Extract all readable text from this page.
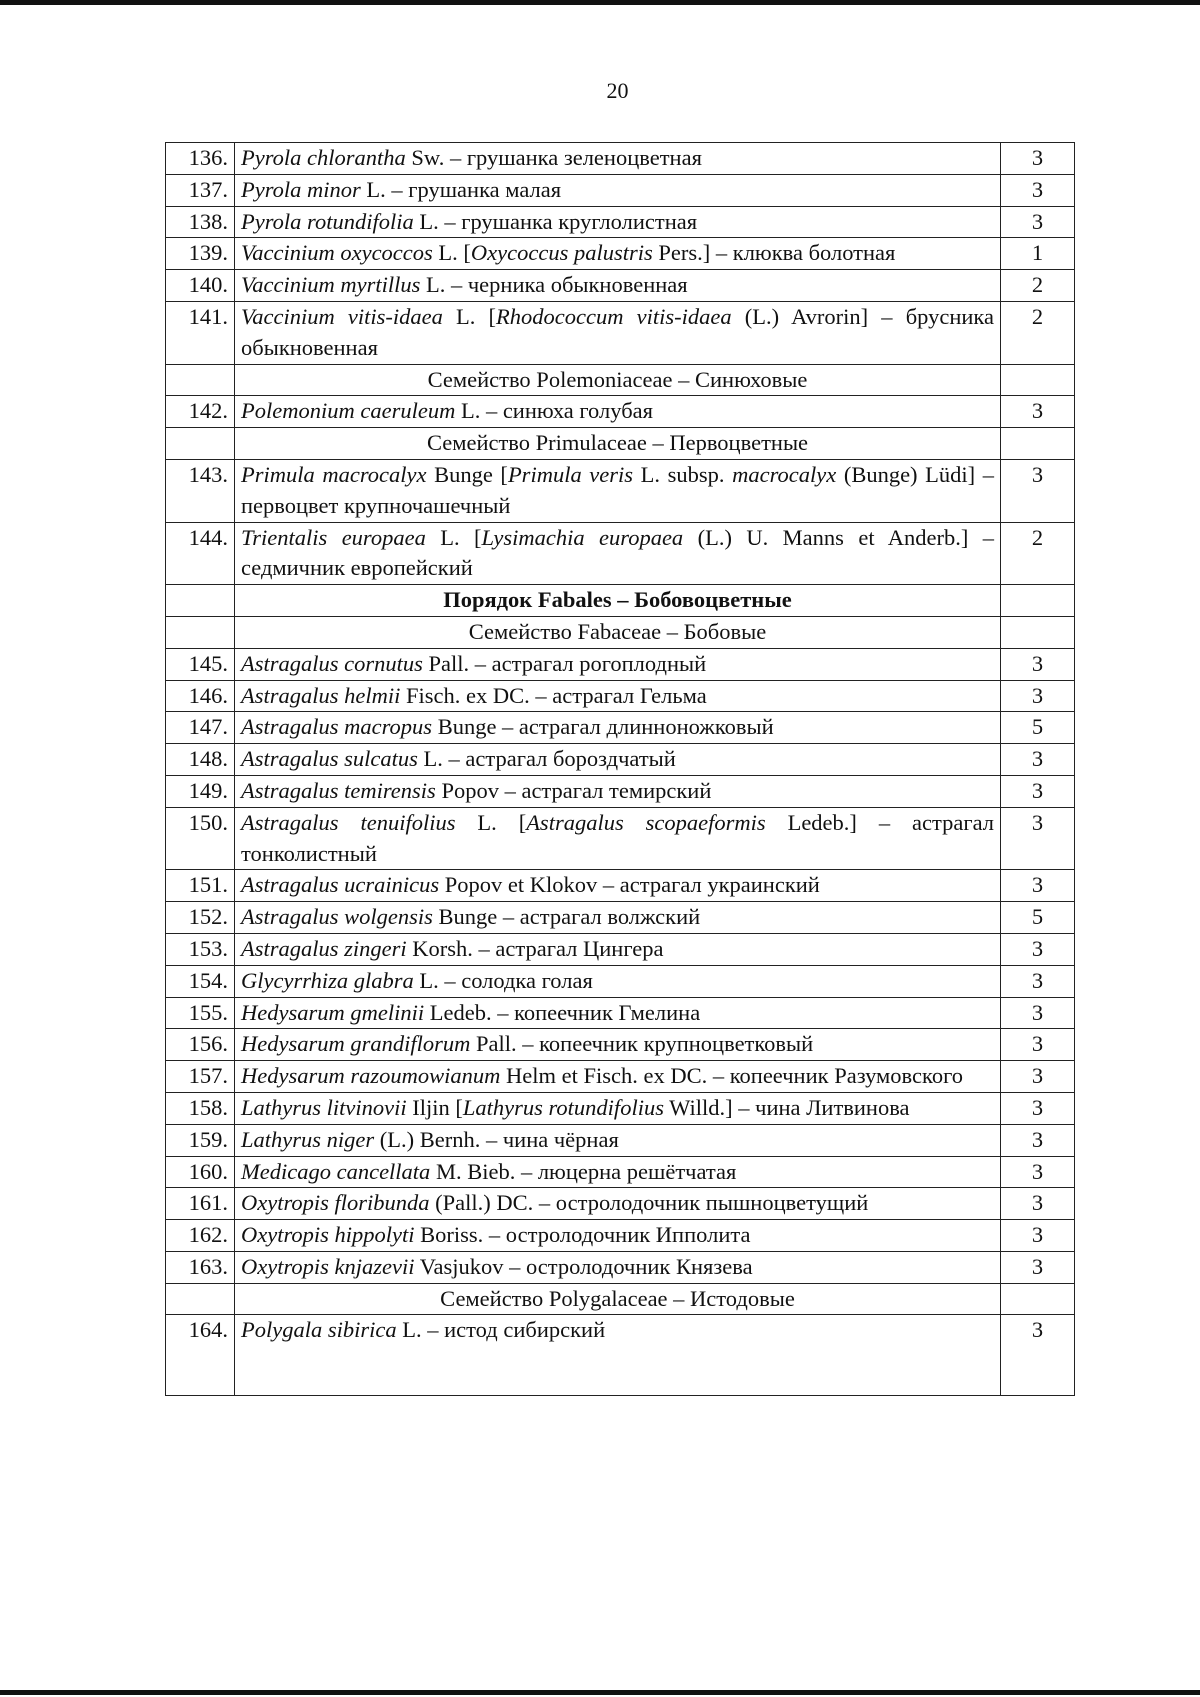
20
136.	Pyrola chlorantha Sw. – грушанка зеленоцветная	3
137.	Pyrola minor L. – грушанка малая	3
138.	Pyrola rotundifolia L. – грушанка круглолистная	3
139.	Vaccinium oxycoccos L. [Oxycoccus palustris Pers.] – клюква болотная	1
140.	Vaccinium myrtillus L. – черника обыкновенная	2
141.	Vaccinium vitis-idaea L. [Rhodococcum vitis-idaea (L.) Avrorin] – брусника обыкновенная	2
	Семейство Polemoniaceae – Синюховые	
142.	Polemonium caeruleum L. – синюха голубая	3
	Семейство Primulaceae – Первоцветные	
143.	Primula macrocalyx Bunge [Primula veris L. subsp. macrocalyx (Bunge) Lüdi] – первоцвет крупночашечный	3
144.	Trientalis europaea L. [Lysimachia europaea (L.) U. Manns et Anderb.] – седмичник европейский	2
	Порядок Fabales – Бобовоцветные	
	Семейство Fabaceae – Бобовые	
145.	Astragalus cornutus Pall. – астрагал рогоплодный	3
146.	Astragalus helmii Fisch. ex DC. – астрагал Гельма	3
147.	Astragalus macropus Bunge – астрагал длинноножковый	5
148.	Astragalus sulcatus L. – астрагал бороздчатый	3
149.	Astragalus temirensis Popov – астрагал темирский	3
150.	Astragalus tenuifolius L. [Astragalus scopaeformis Ledeb.] – астрагал тонколистный	3
151.	Astragalus ucrainicus Popov et Klokov – астрагал украинский	3
152.	Astragalus wolgensis Bunge – астрагал волжский	5
153.	Astragalus zingeri Korsh. – астрагал Цингера	3
154.	Glycyrrhiza glabra L. – солодка голая	3
155.	Hedysarum gmelinii Ledeb. – копеечник Гмелина	3
156.	Hedysarum grandiflorum Pall. – копеечник крупноцветковый	3
157.	Hedysarum razoumowianum Helm et Fisch. ex DC. – копеечник Разумовского	3
158.	Lathyrus litvinovii Iljin [Lathyrus rotundifolius Willd.] – чина Литвинова	3
159.	Lathyrus niger (L.) Bernh. – чина чёрная	3
160.	Medicago cancellata M. Bieb. – люцерна решётчатая	3
161.	Oxytropis floribunda (Pall.) DC. – остролодочник пышноцветущий	3
162.	Oxytropis hippolyti Boriss. – остролодочник Ипполита	3
163.	Oxytropis knjazevii Vasjukov – остролодочник Князева	3
	Семейство Polygalaceae – Истодовые	
164.	Polygala sibirica L. – истод сибирский	3
